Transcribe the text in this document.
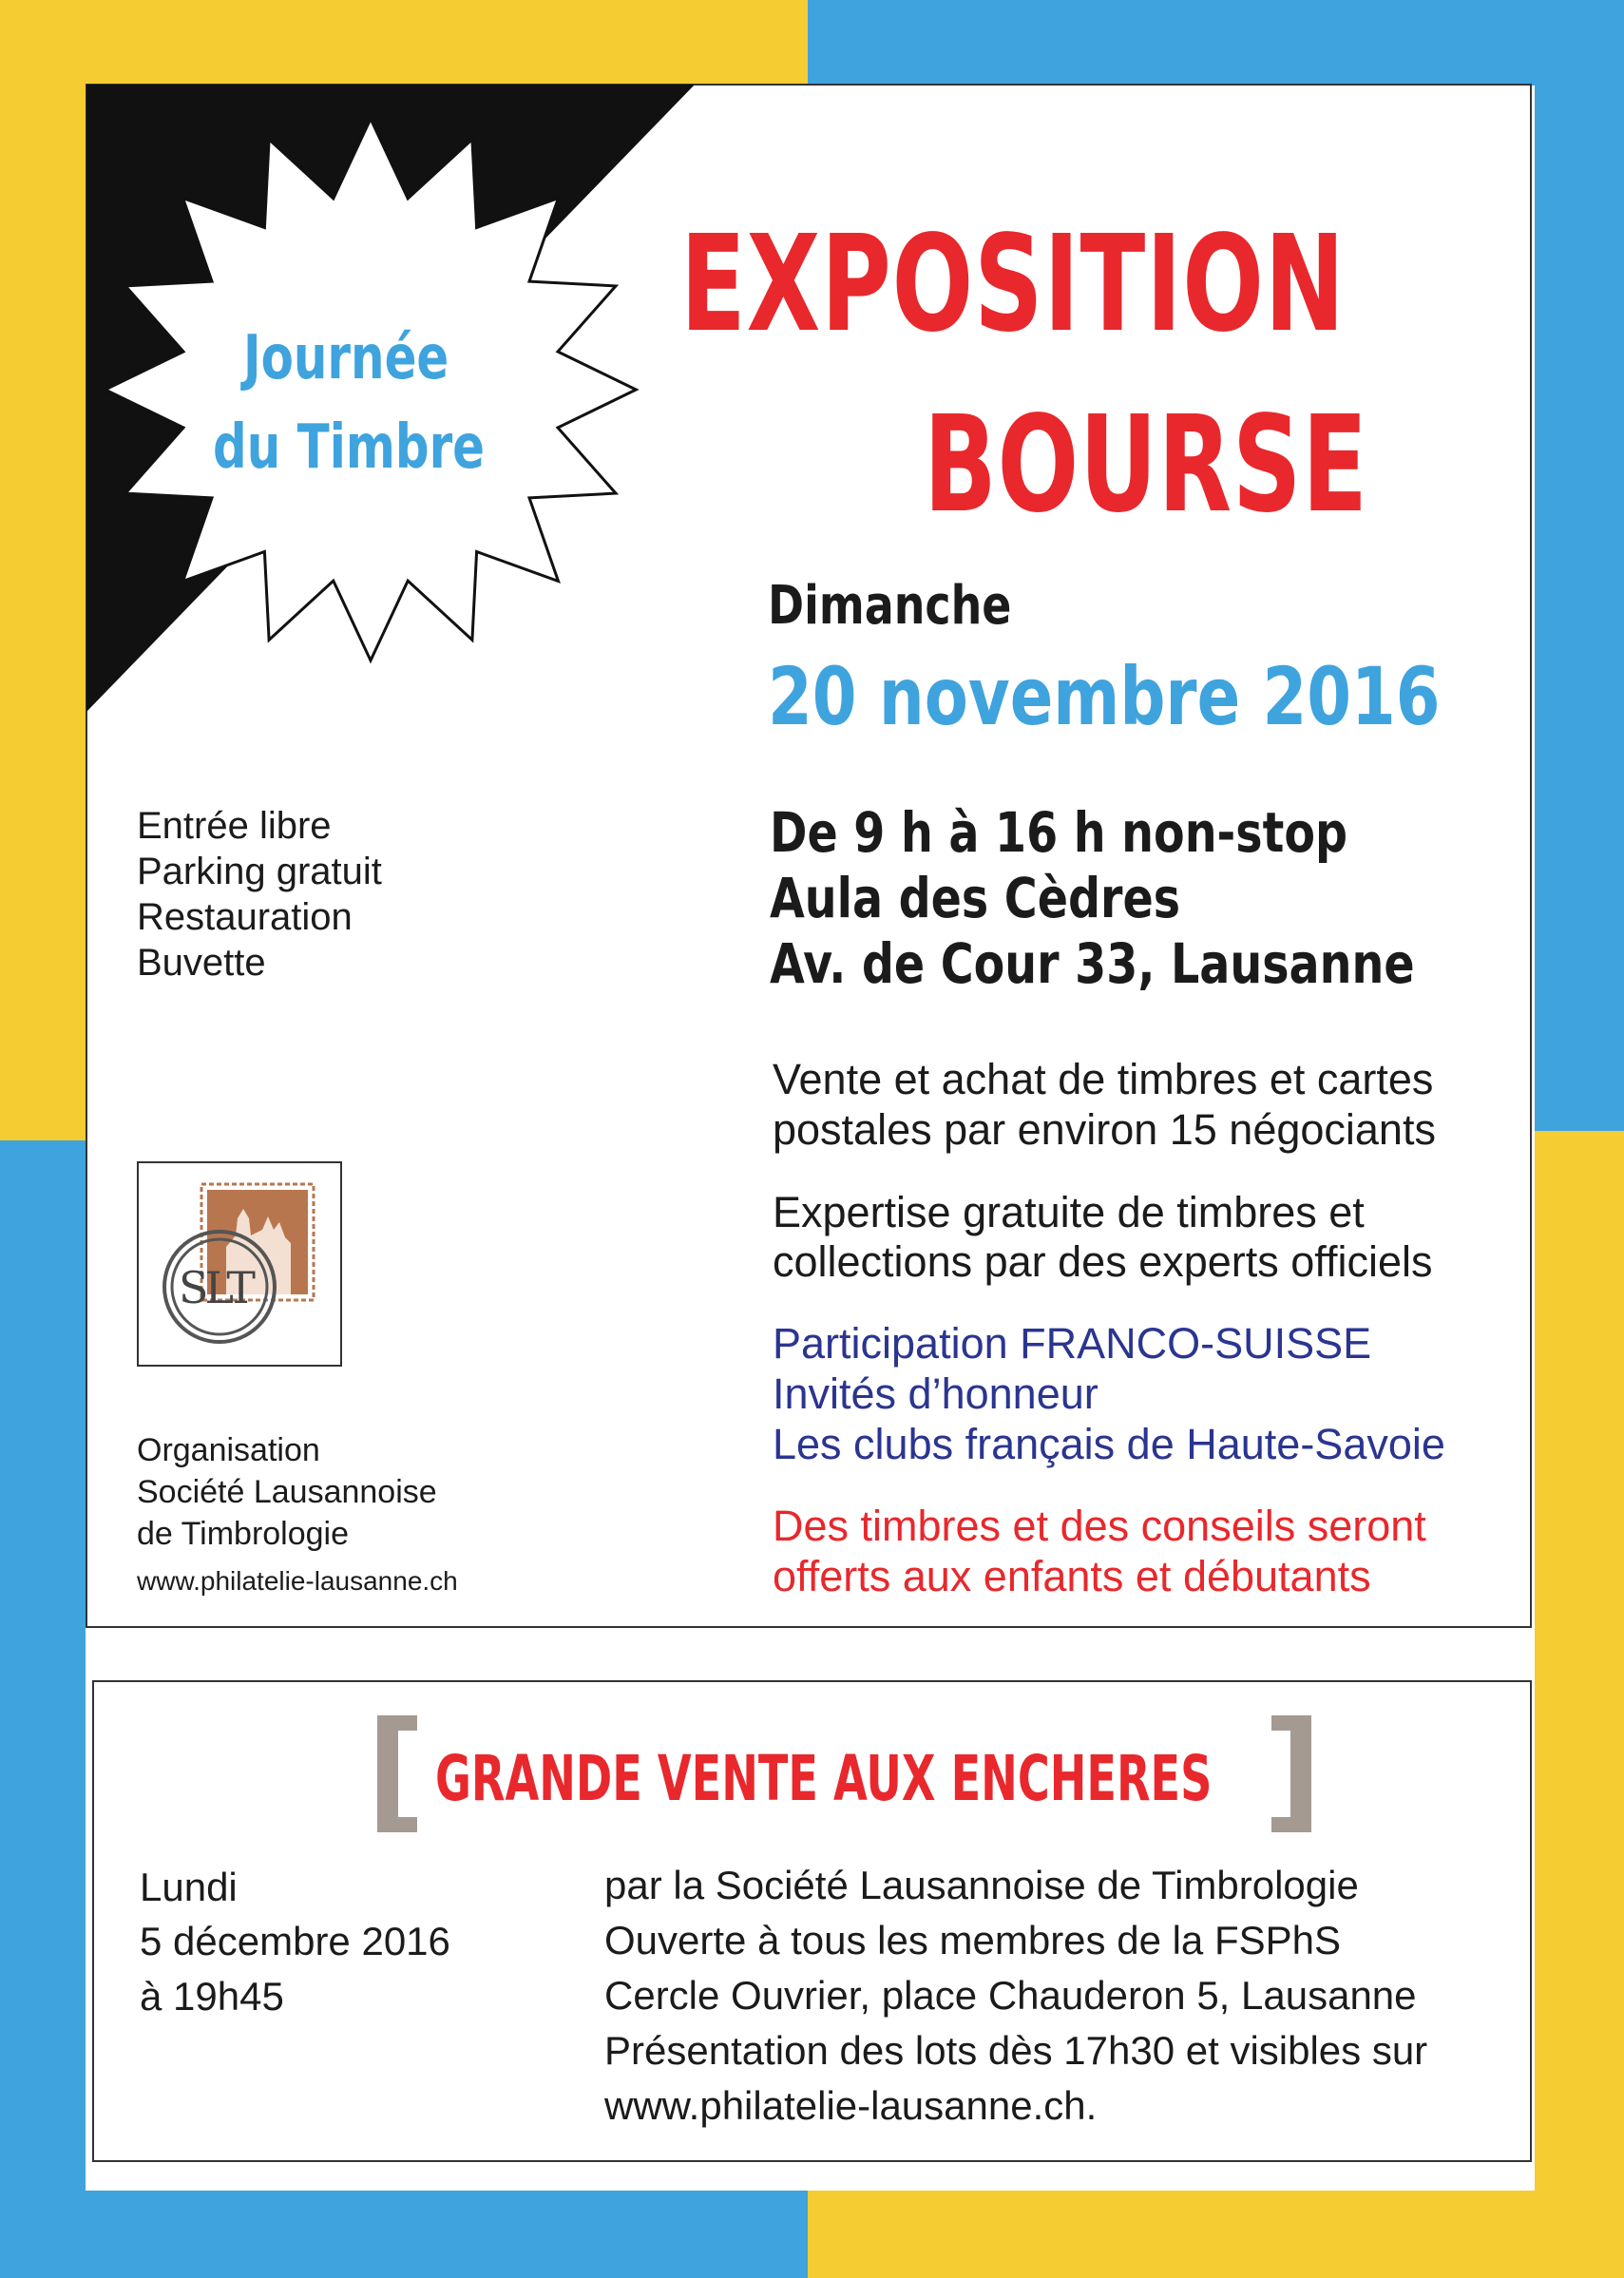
Journée
du Timbre
EXPOSITION
BOURSE
Dimanche
20 novembre 2016
De 9 h à 16 h non-stop
Aula des Cèdres
Av. de Cour 33, Lausanne
Entrée libre
Parking gratuit
Restauration
Buvette
SLT
Organisation
Société Lausannoise
de Timbrologie
www.philatelie-lausanne.ch
Vente et achat de timbres et cartes
postales par environ 15 négociants
Expertise gratuite de timbres et
collections par des experts officiels
Participation FRANCO-SUISSE
Invités d’honneur
Les clubs français de Haute-Savoie
Des timbres et des conseils seront
offerts aux enfants et débutants
GRANDE VENTE AUX ENCHERES
Lundi
5 décembre 2016
à 19h45
par la Société Lausannoise de Timbrologie
Ouverte à tous les membres de la FSPhS
Cercle Ouvrier, place Chauderon 5, Lausanne
Présentation des lots dès 17h30 et visibles sur
www.philatelie-lausanne.ch.
